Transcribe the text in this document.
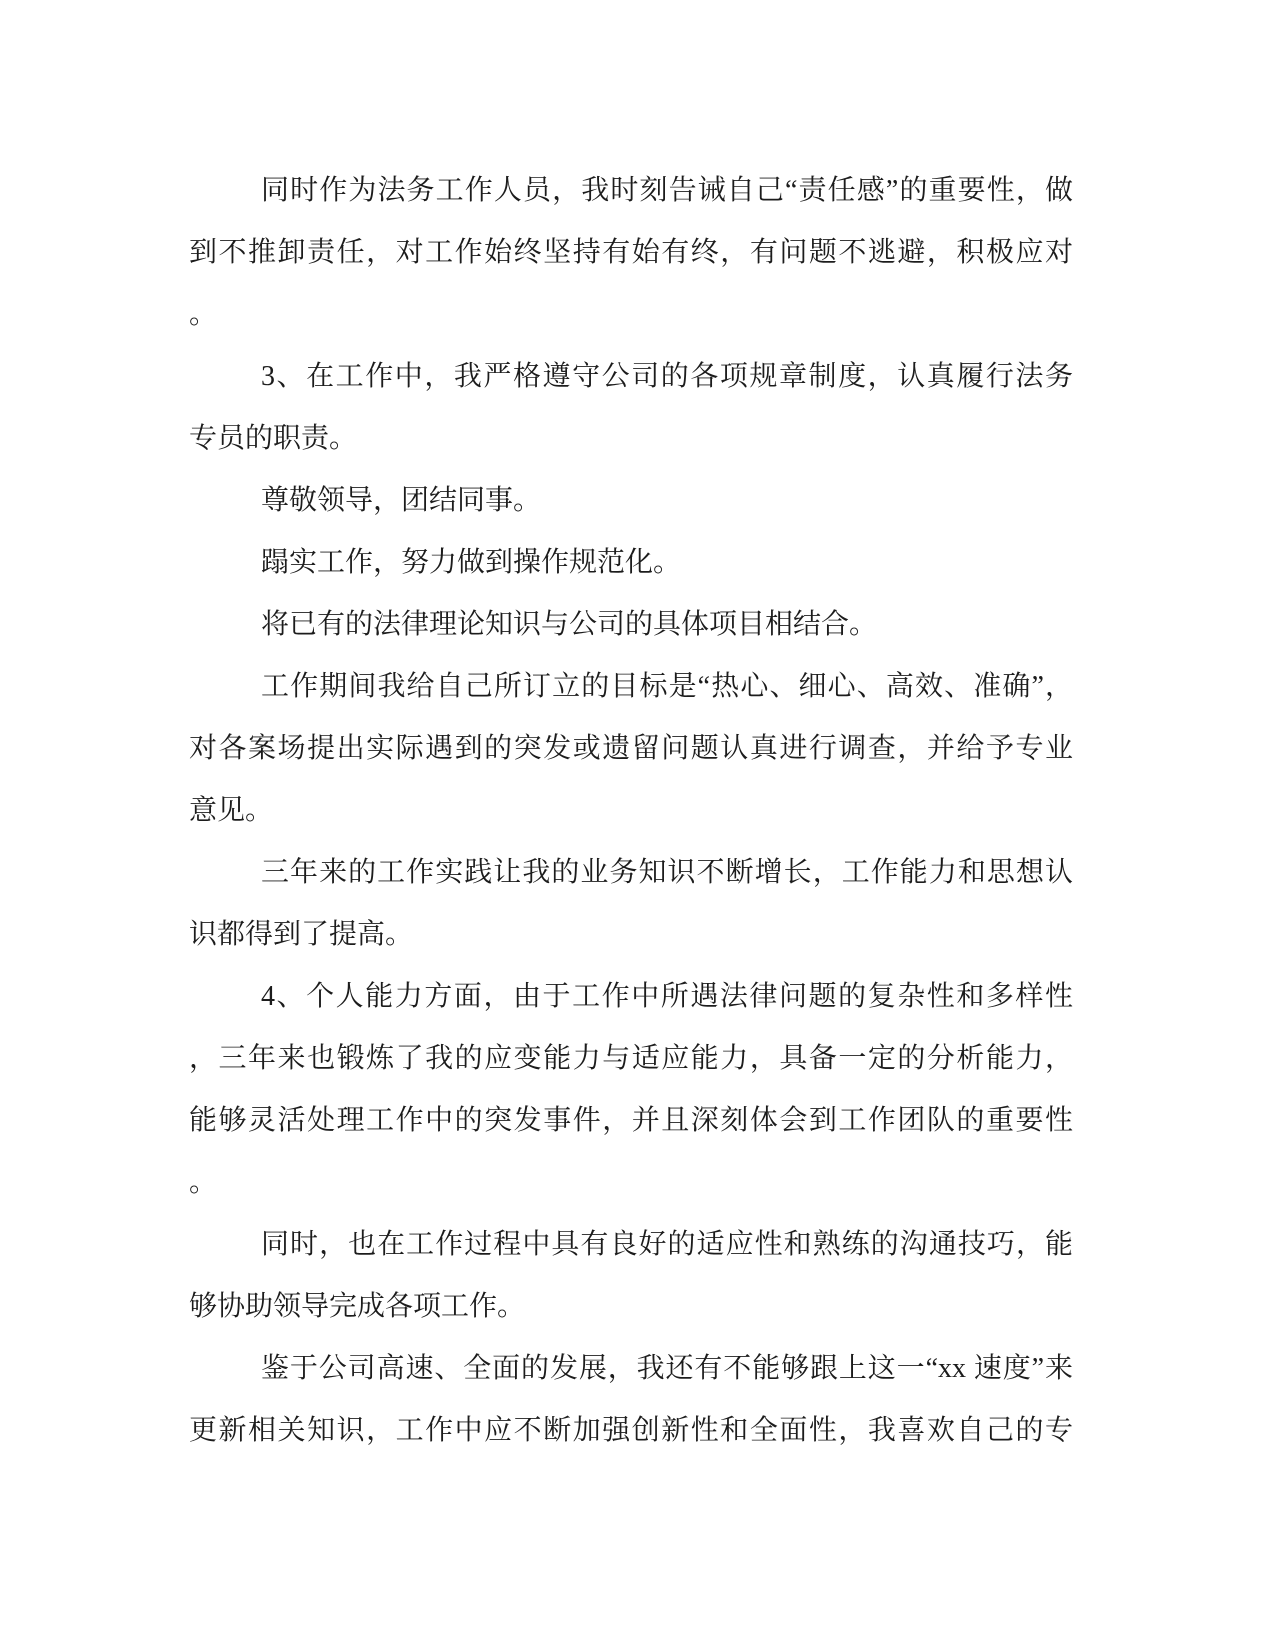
同时作为法务工作人员，我时刻告诫自己“责任感”的重要性，做
到不推卸责任，对工作始终坚持有始有终，有问题不逃避，积极应对
。
3、在工作中，我严格遵守公司的各项规章制度，认真履行法务
专员的职责。
尊敬领导，团结同事。
蹋实工作，努力做到操作规范化。
将已有的法律理论知识与公司的具体项目相结合。
工作期间我给自己所订立的目标是“热心、细心、高效、准确”，
对各案场提出实际遇到的突发或遗留问题认真进行调查，并给予专业
意见。
三年来的工作实践让我的业务知识不断增长，工作能力和思想认
识都得到了提高。
4、个人能力方面，由于工作中所遇法律问题的复杂性和多样性
，三年来也锻炼了我的应变能力与适应能力，具备一定的分析能力，
能够灵活处理工作中的突发事件，并且深刻体会到工作团队的重要性
。
同时，也在工作过程中具有良好的适应性和熟练的沟通技巧，能
够协助领导完成各项工作。
鉴于公司高速、全面的发展，我还有不能够跟上这一“xx 速度”来
更新相关知识，工作中应不断加强创新性和全面性，我喜欢自己的专
